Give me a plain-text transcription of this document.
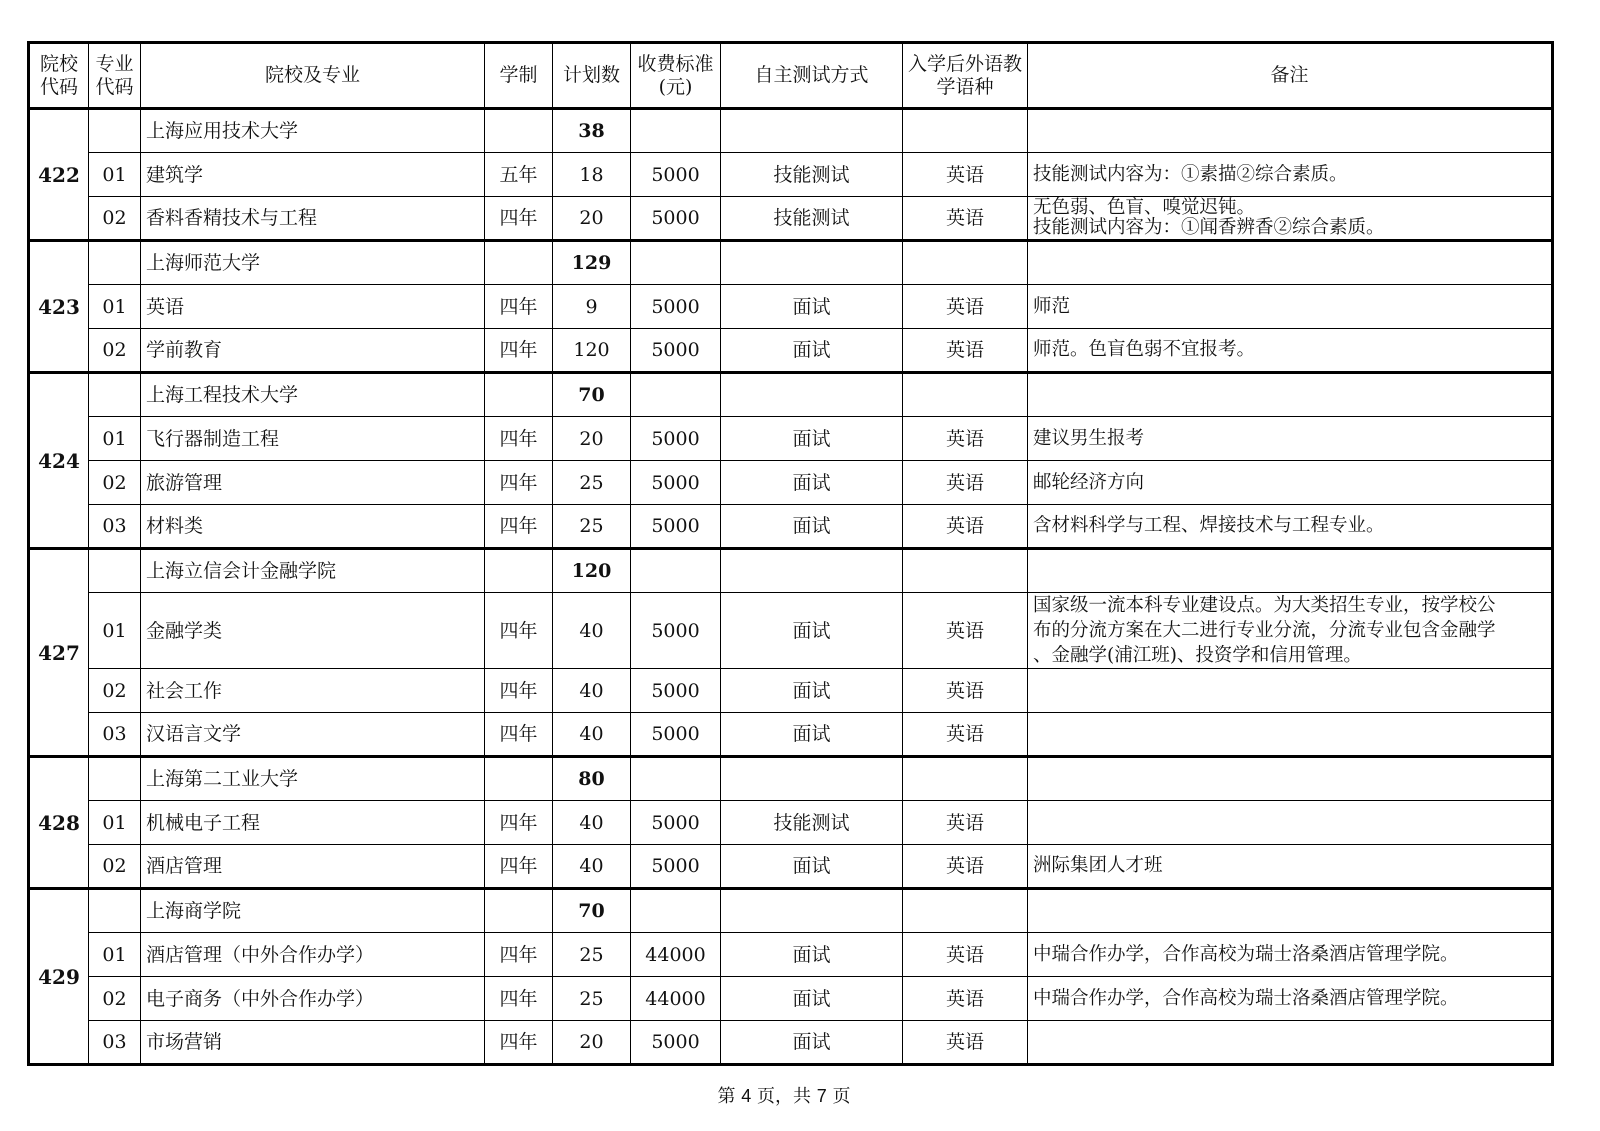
院校代码	专业代码	院校及专业	学制	计划数	收费标准(元)	自主测试方式	入学后外语教学语种	备注
422		上海应用技术大学		38				
	01	建筑学	五年	18	5000	技能测试	英语	技能测试内容为：①素描②综合素质。
	02	香料香精技术与工程	四年	20	5000	技能测试	英语	无色弱、色盲、嗅觉迟钝。
技能测试内容为：①闻香辨香②综合素质。

423		上海师范大学		129				
	01	英语	四年	9	5000	面试	英语	师范
	02	学前教育	四年	120	5000	面试	英语	师范。色盲色弱不宜报考。
424		上海工程技术大学		70				
	01	飞行器制造工程	四年	20	5000	面试	英语	建议男生报考
	02	旅游管理	四年	25	5000	面试	英语	邮轮经济方向
	03	材料类	四年	25	5000	面试	英语	含材料科学与工程、焊接技术与工程专业。
427		上海立信会计金融学院		120				
	01	金融学类	四年	40	5000	面试	英语	国家级一流本科专业建设点。为大类招生专业，按学校公
布的分流方案在大二进行专业分流，分流专业包含金融学
、金融学(浦江班)、投资学和信用管理。

	02	社会工作	四年	40	5000	面试	英语	
	03	汉语言文学	四年	40	5000	面试	英语	
428		上海第二工业大学		80				
	01	机械电子工程	四年	40	5000	技能测试	英语	
	02	酒店管理	四年	40	5000	面试	英语	洲际集团人才班
429		上海商学院		70				
	01	酒店管理（中外合作办学）	四年	25	44000	面试	英语	中瑞合作办学，合作高校为瑞士洛桑酒店管理学院。
	02	电子商务（中外合作办学）	四年	25	44000	面试	英语	中瑞合作办学，合作高校为瑞士洛桑酒店管理学院。
	03	市场营销	四年	20	5000	面试	英语	
第 4 页，共 7 页
